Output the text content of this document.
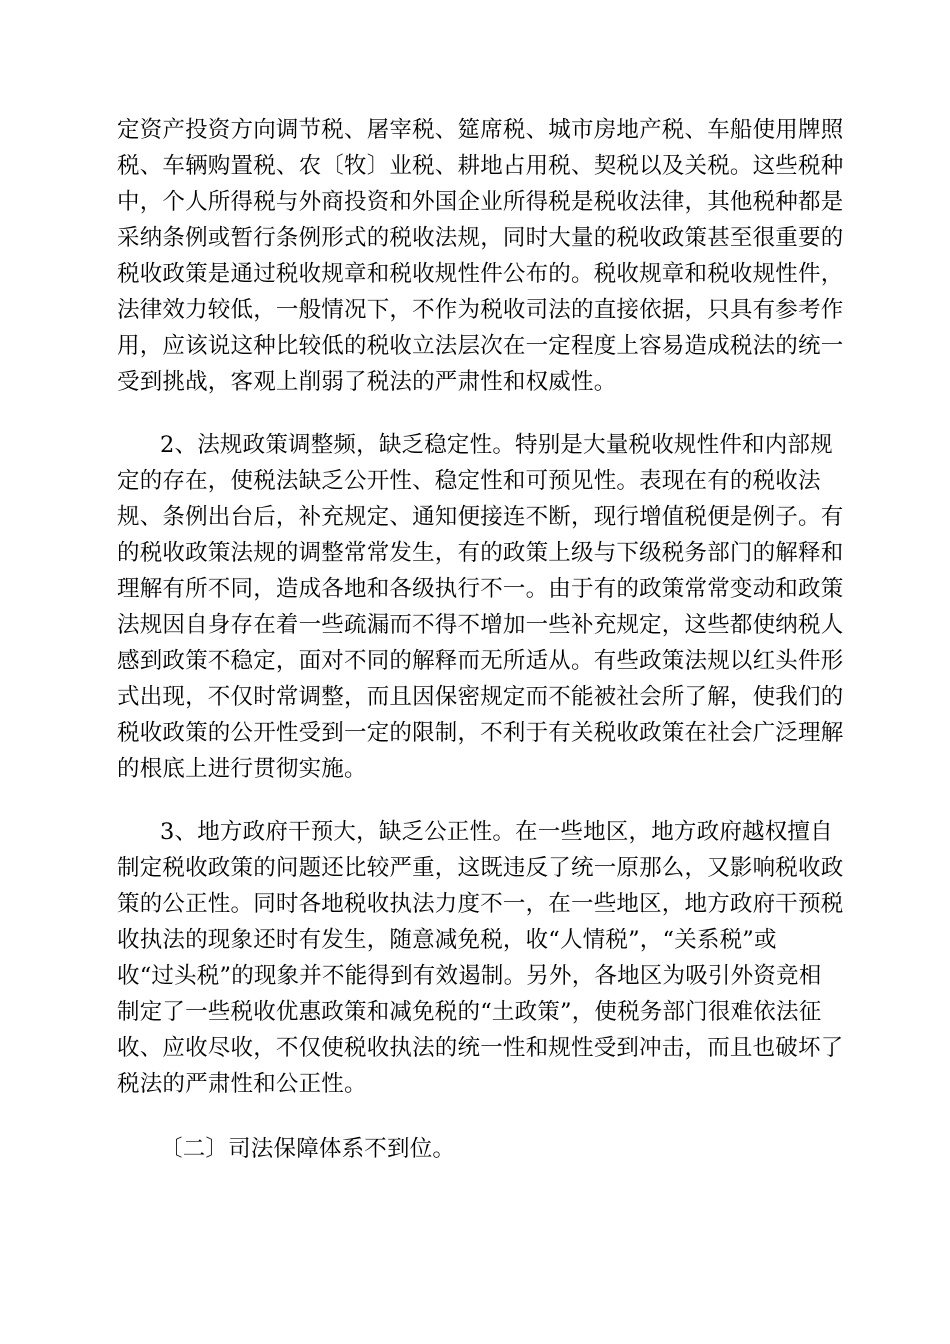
定资产投资方向调节税、屠宰税、筵席税、城市房地产税、车船使用牌照
税、车辆购置税、农〔牧〕业税、耕地占用税、契税以及关税。这些税种
中，个人所得税与外商投资和外国企业所得税是税收法律，其他税种都是
采纳条例或暂行条例形式的税收法规，同时大量的税收政策甚至很重要的
税收政策是通过税收规章和税收规性件公布的。税收规章和税收规性件，
法律效力较低，一般情况下，不作为税收司法的直接依据，只具有参考作
用，应该说这种比较低的税收立法层次在一定程度上容易造成税法的统一
受到挑战，客观上削弱了税法的严肃性和权威性。
2、法规政策调整频，缺乏稳定性。特别是大量税收规性件和内部规
定的存在，使税法缺乏公开性、稳定性和可预见性。表现在有的税收法
规、条例出台后，补充规定、通知便接连不断，现行增值税便是例子。有
的税收政策法规的调整常常发生，有的政策上级与下级税务部门的解释和
理解有所不同，造成各地和各级执行不一。由于有的政策常常变动和政策
法规因自身存在着一些疏漏而不得不增加一些补充规定，这些都使纳税人
感到政策不稳定，面对不同的解释而无所适从。有些政策法规以红头件形
式出现，不仅时常调整，而且因保密规定而不能被社会所了解，使我们的
税收政策的公开性受到一定的限制，不利于有关税收政策在社会广泛理解
的根底上进行贯彻实施。
3、地方政府干预大，缺乏公正性。在一些地区，地方政府越权擅自
制定税收政策的问题还比较严重，这既违反了统一原那么，又影响税收政
策的公正性。同时各地税收执法力度不一，在一些地区，地方政府干预税
收执法的现象还时有发生，随意减免税，收“人情税”，“关系税”或
收“过头税”的现象并不能得到有效遏制。另外，各地区为吸引外资竞相
制定了一些税收优惠政策和减免税的“土政策”，使税务部门很难依法征
收、应收尽收，不仅使税收执法的统一性和规性受到冲击，而且也破坏了
税法的严肃性和公正性。
〔二〕司法保障体系不到位。
